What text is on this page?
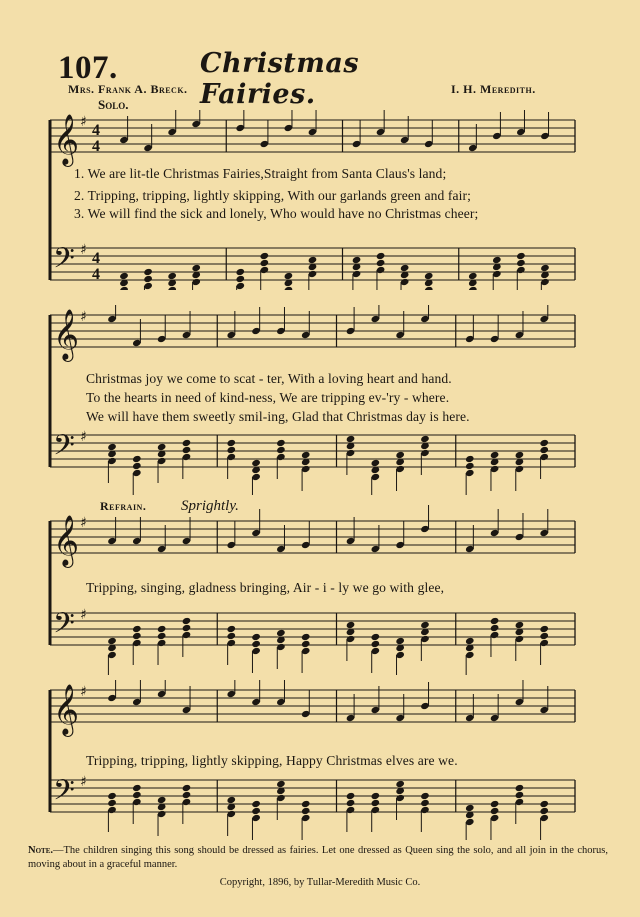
107.	Christmas Fairies.
Mrs. Frank A. Breck.	I. H. Meredith.
Solo.
𝄞 ♯ 4
4
𝄢 ♯ 4
4
1. We are lit-tle Christmas Fairies,Straight from Santa Claus's land;
2. Tripping, tripping, lightly skipping, With our garlands green and fair;
3. We will find the sick and lonely, Who would have no Christmas cheer;
𝄞 ♯
𝄢 ♯
Christmas joy we come to scat - ter, With a loving heart and hand.
To the hearts in need of kind-ness, We are tripping ev-'ry - where.
We will have them sweetly smil-ing, Glad that Christmas day is here.
Refrain. Sprightly.
𝄞 ♯
𝄢 ♯
Tripping, singing, gladness bringing, Air - i - ly we go with glee,
𝄞 ♯
𝄢 ♯
Tripping, tripping, lightly skipping, Happy Christmas elves are we.
Note.—The children singing this song should be dressed as fairies. Let one dressed as Queen sing the solo, and all join in the chorus, moving about in a graceful manner.
Copyright, 1896, by Tullar-Meredith Music Co.
